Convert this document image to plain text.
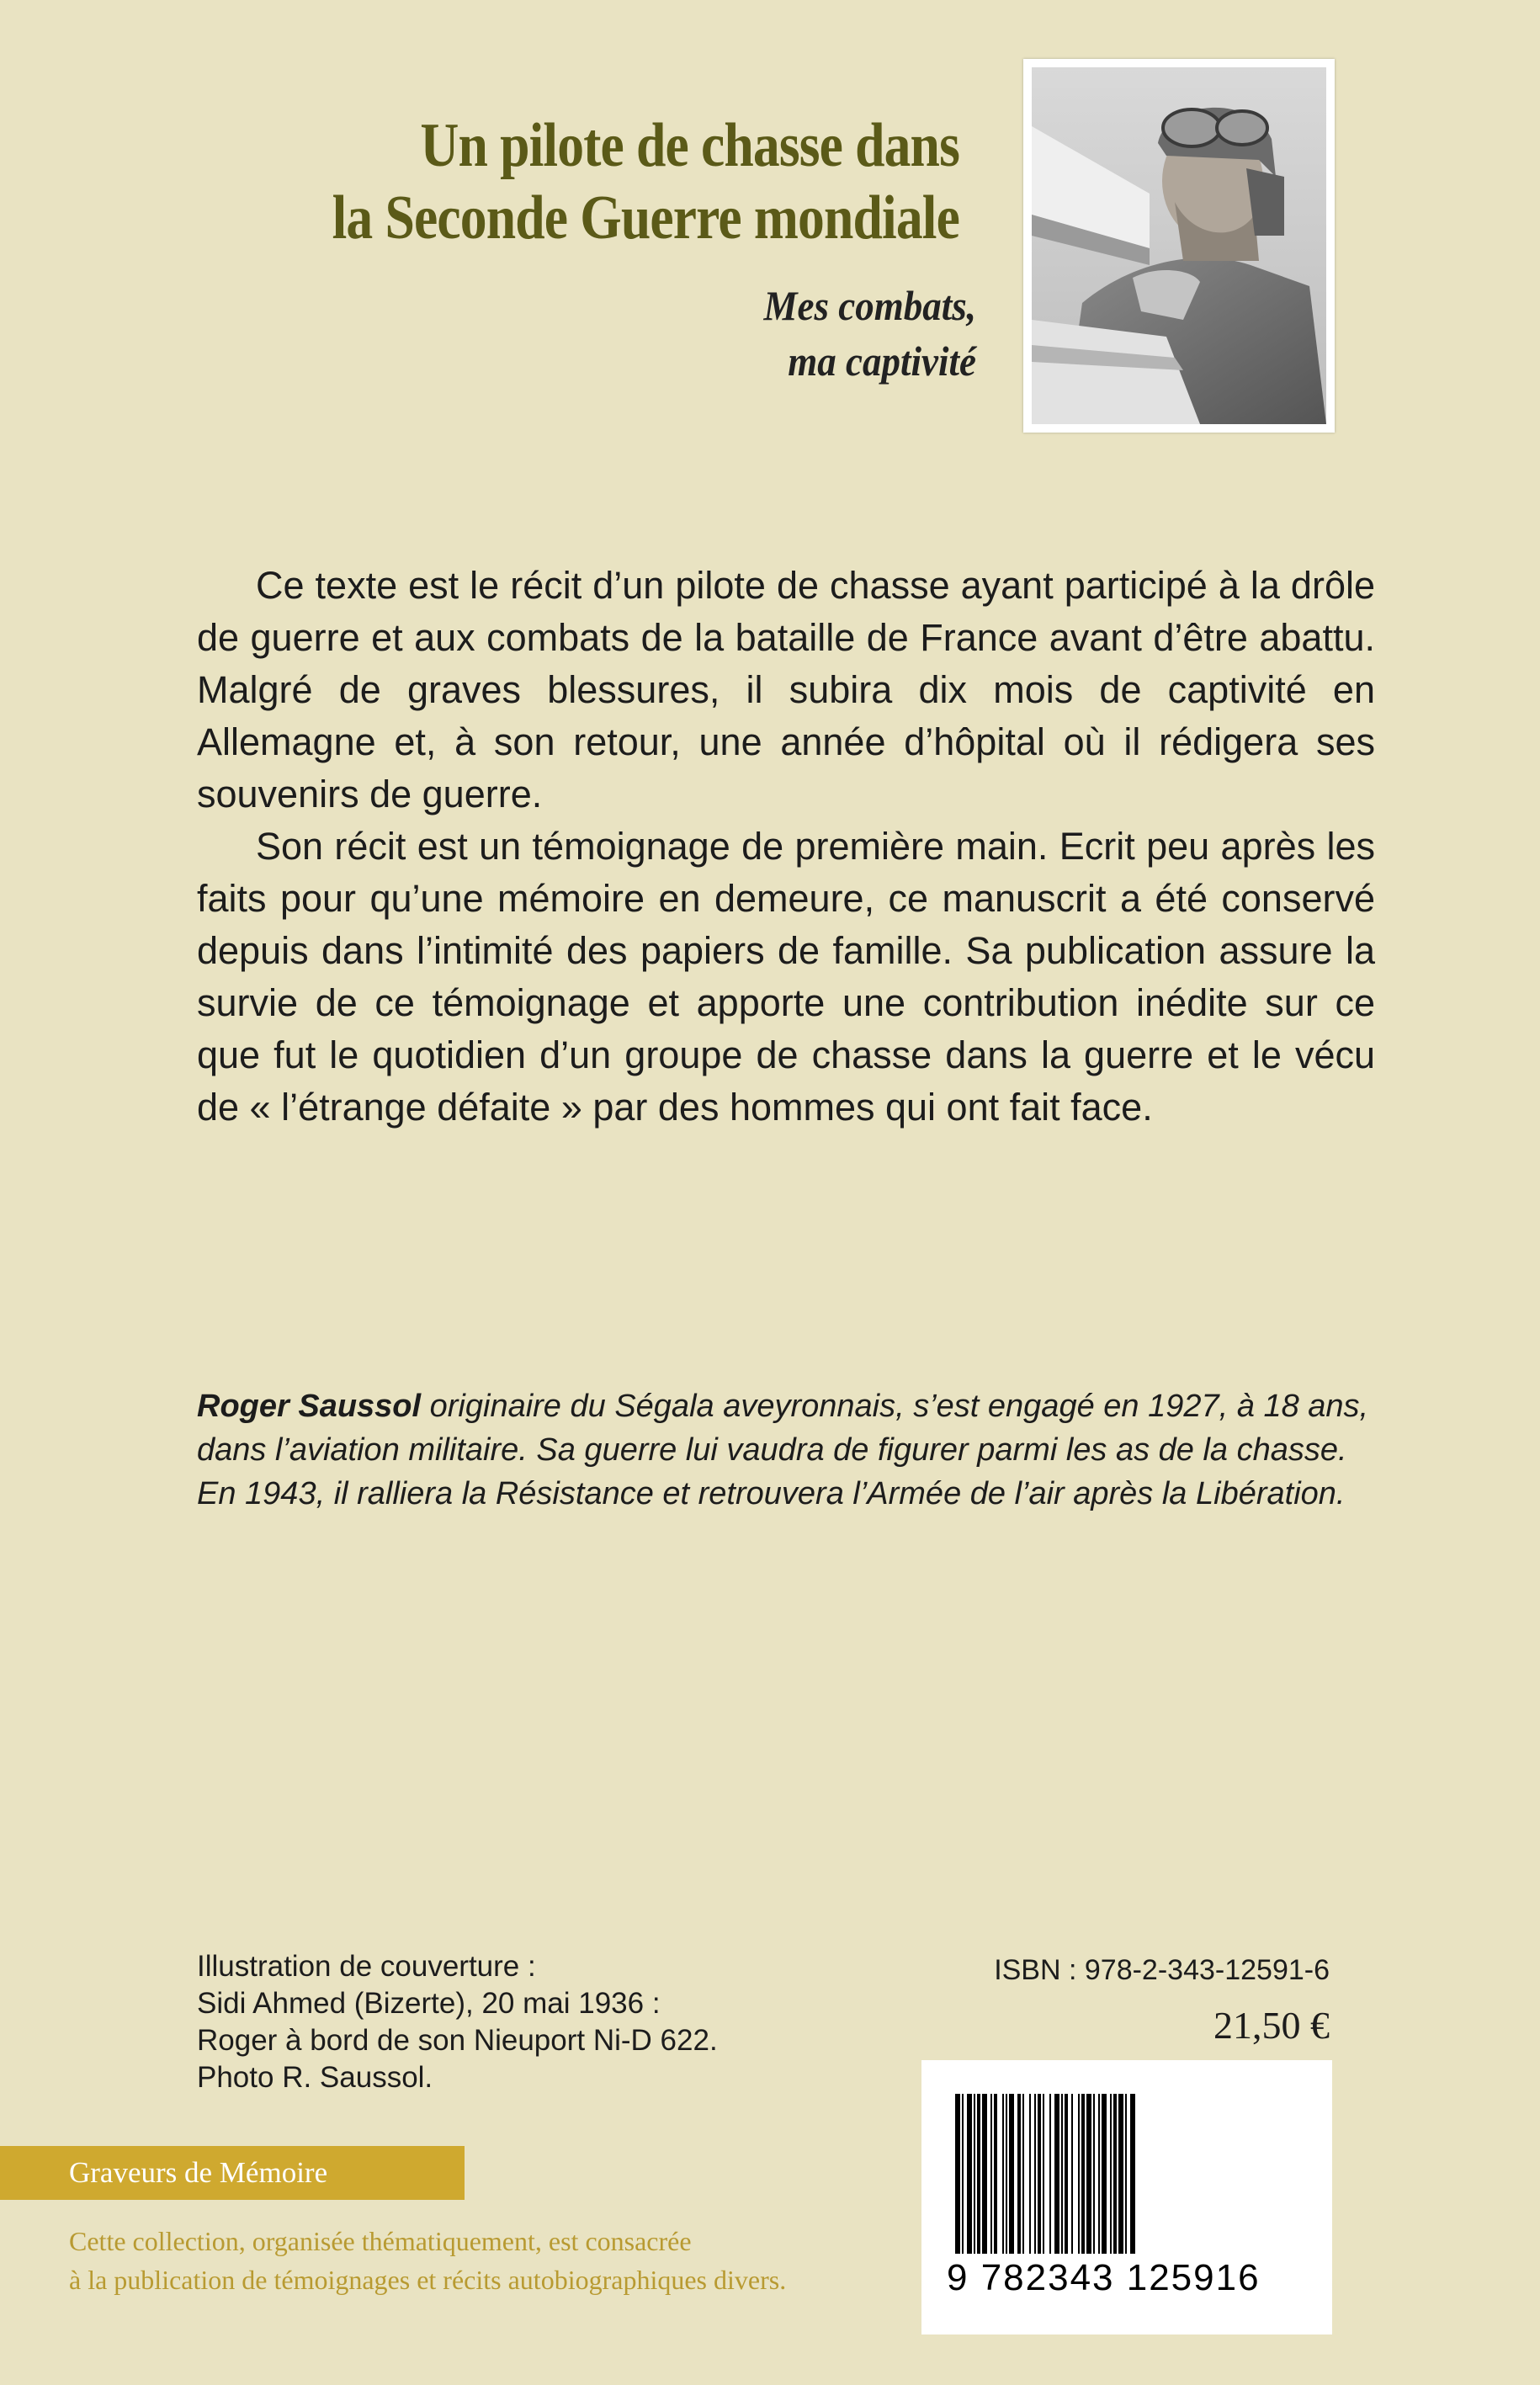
Un pilote de chasse dans
la Seconde Guerre mondiale
Mes combats,
ma captivité

Ce texte est le récit d’un pilote de chasse ayant participé à la drôle de guerre et aux combats de la bataille de France avant d’être abattu. Malgré de graves blessures, il subira dix mois de captivité en Allemagne et, à son retour, une année d’hôpital où il rédigera ses souvenirs de guerre.

Son récit est un témoignage de première main. Ecrit peu après les faits pour qu’une mémoire en demeure, ce manuscrit a été conservé depuis dans l’intimité des papiers de famille. Sa publication assure la survie de ce témoignage et apporte une contribution inédite sur ce que fut le quotidien d’un groupe de chasse dans la guerre et le vécu de « l’étrange défaite » par des hommes qui ont fait face.

Roger Saussol originaire du Ségala aveyronnais, s’est engagé en 1927, à 18 ans, dans l’aviation militaire. Sa guerre lui vaudra de figurer parmi les as de la chasse. En 1943, il ralliera la Résistance et retrouvera l’Armée de l’air après la Libération.
Illustration de couverture :
Sidi Ahmed (Bizerte), 20 mai 1936 :
Roger à bord de son Nieuport Ni-D 622.
Photo R. Saussol.
ISBN : 978-2-343-12591-6
21,50 €
9 782343 125916
Graveurs de Mémoire
Cette collection, organisée thématiquement, est consacrée
à la publication de témoignages et récits autobiographiques divers.
